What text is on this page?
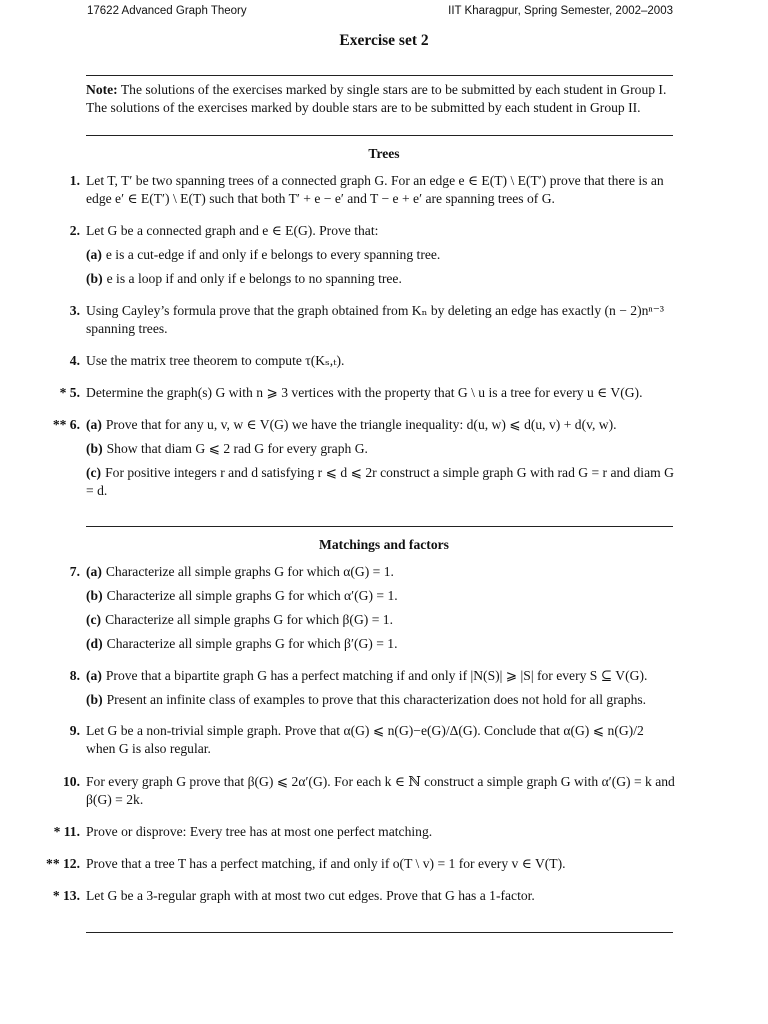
17622 Advanced Graph Theory	IIT Kharagpur, Spring Semester, 2002–2003
Exercise set 2
Note: The solutions of the exercises marked by single stars are to be submitted by each student in Group I. The solutions of the exercises marked by double stars are to be submitted by each student in Group II.
Trees
1. Let T, T′ be two spanning trees of a connected graph G. For an edge e ∈ E(T) \ E(T′) prove that there is an edge e′ ∈ E(T′) \ E(T) such that both T′ + e − e′ and T − e + e′ are spanning trees of G.
2. Let G be a connected graph and e ∈ E(G). Prove that:
(a) e is a cut-edge if and only if e belongs to every spanning tree.
(b) e is a loop if and only if e belongs to no spanning tree.
3. Using Cayley’s formula prove that the graph obtained from Kₙ by deleting an edge has exactly (n − 2)nⁿ⁻³ spanning trees.
4. Use the matrix tree theorem to compute τ(Kₛ,ₜ).
* 5. Determine the graph(s) G with n ⩾ 3 vertices with the property that G \ u is a tree for every u ∈ V(G).
** 6. (a) Prove that for any u, v, w ∈ V(G) we have the triangle inequality: d(u, w) ⩽ d(u, v) + d(v, w).
(b) Show that diam G ⩽ 2 rad G for every graph G.
(c) For positive integers r and d satisfying r ⩽ d ⩽ 2r construct a simple graph G with rad G = r and diam G = d.
Matchings and factors
7. (a) Characterize all simple graphs G for which α(G) = 1.
(b) Characterize all simple graphs G for which α′(G) = 1.
(c) Characterize all simple graphs G for which β(G) = 1.
(d) Characterize all simple graphs G for which β′(G) = 1.
8. (a) Prove that a bipartite graph G has a perfect matching if and only if |N(S)| ⩾ |S| for every S ⊆ V(G).
(b) Present an infinite class of examples to prove that this characterization does not hold for all graphs.
9. Let G be a non-trivial simple graph. Prove that α(G) ⩽ n(G)−e(G)/Δ(G). Conclude that α(G) ⩽ n(G)/2 when G is also regular.
10. For every graph G prove that β(G) ⩽ 2α′(G). For each k ∈ ℕ construct a simple graph G with α′(G) = k and β(G) = 2k.
* 11. Prove or disprove: Every tree has at most one perfect matching.
** 12. Prove that a tree T has a perfect matching, if and only if o(T \ v) = 1 for every v ∈ V(T).
* 13. Let G be a 3-regular graph with at most two cut edges. Prove that G has a 1-factor.
